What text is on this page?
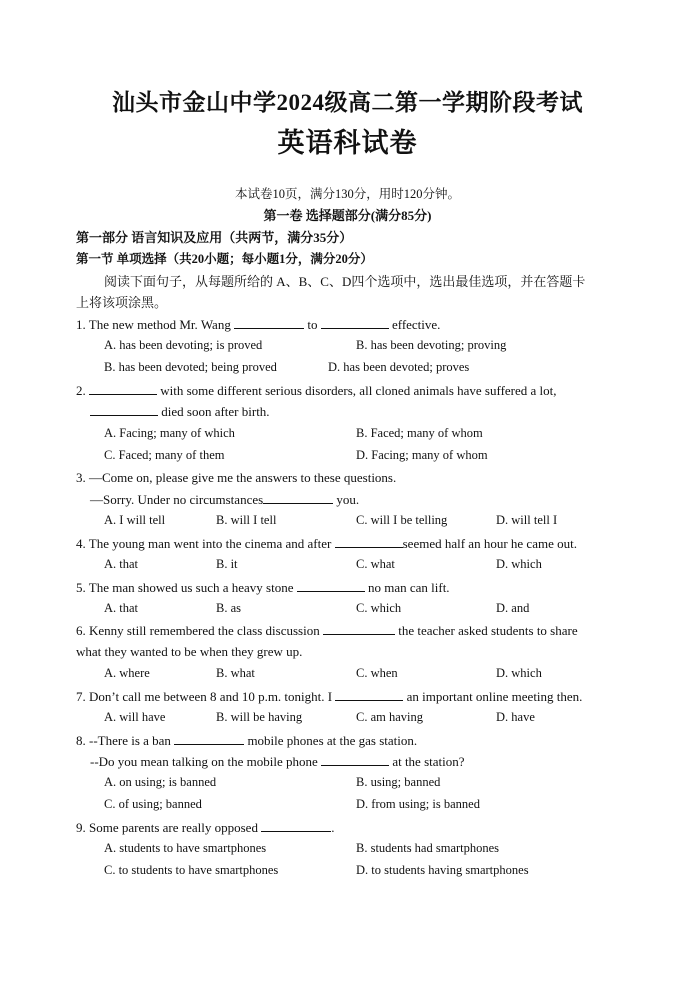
汕头市金山中学2024级高二第一学期阶段考试
英语科试卷
本试卷10页，满分130分，用时120分钟。
第一卷 选择题部分(满分85分)
第一部分 语言知识及应用（共两节，满分35分）
第一节 单项选择（共20小题；每小题1分，满分20分）
阅读下面句子，从每题所给的 A、B、C、D四个选项中，选出最佳选项，并在答题卡
上将该项涂黑。
1. The new method Mr. Wang	to	effective.
A. has been devoting; is proved	B. has been devoting; proving
B. has been devoted; being proved	D. has been devoted; proves
2.	with some different serious disorders, all cloned animals have suffered a lot,
died soon after birth.
A. Facing; many of which	B. Faced; many of whom
C. Faced; many of them	D. Facing; many of whom
3. —Come on, please give me the answers to these questions.
—Sorry. Under no circumstances	you.
A. I will tell	B. will I tell	C. will I be telling	D. will tell I
4. The young man went into the cinema and after	seemed half an hour he came out.
A. that	B. it	C. what	D. which
5. The man showed us such a heavy stone	no man can lift.
A. that	B. as	C. which	D. and
6. Kenny still remembered the class discussion	the teacher asked students to share
what they wanted to be when they grew up.
A. where	B. what	C. when	D. which
7. Don’t call me between 8 and 10 p.m. tonight. I	an important online meeting then.
A. will have	B. will be having	C. am having	D. have
8. --There is a ban	mobile phones at the gas station.
--Do you mean talking on the mobile phone	at the station?
A. on using; is banned	B. using; banned
C. of using; banned	D. from using; is banned
9. Some parents are really opposed	.
A. students to have smartphones	B. students had smartphones
C. to students to have smartphones	D. to students having smartphones
